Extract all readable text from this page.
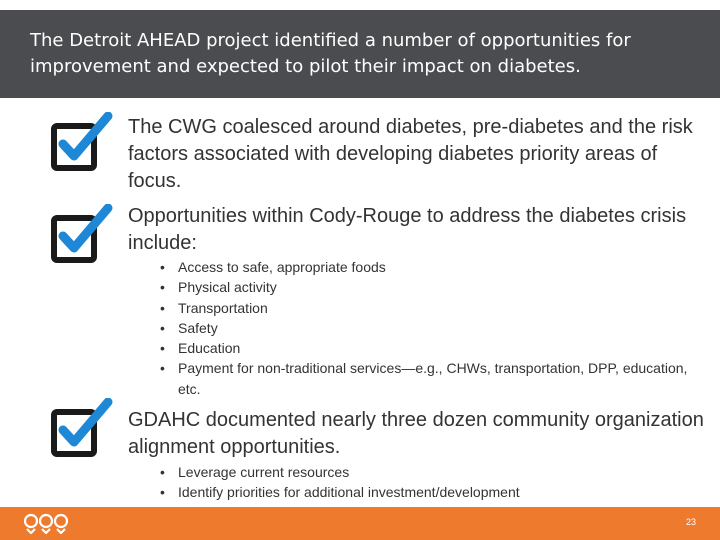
The Detroit AHEAD project identified a number of opportunities for improvement and expected to pilot their impact on diabetes.

The CWG coalesced around diabetes, pre-diabetes and the risk factors associated with developing diabetes priority areas of focus.

Opportunities within Cody-Rouge to address the diabetes crisis include:

• Access to safe, appropriate foods
• Physical activity
• Transportation
• Safety
• Education
• Payment for non-traditional services—e.g., CHWs, transportation, DPP, education, etc.

GDAHC documented nearly three dozen community organization alignment opportunities.

• Leverage current resources
• Identify priorities for additional investment/development
23
